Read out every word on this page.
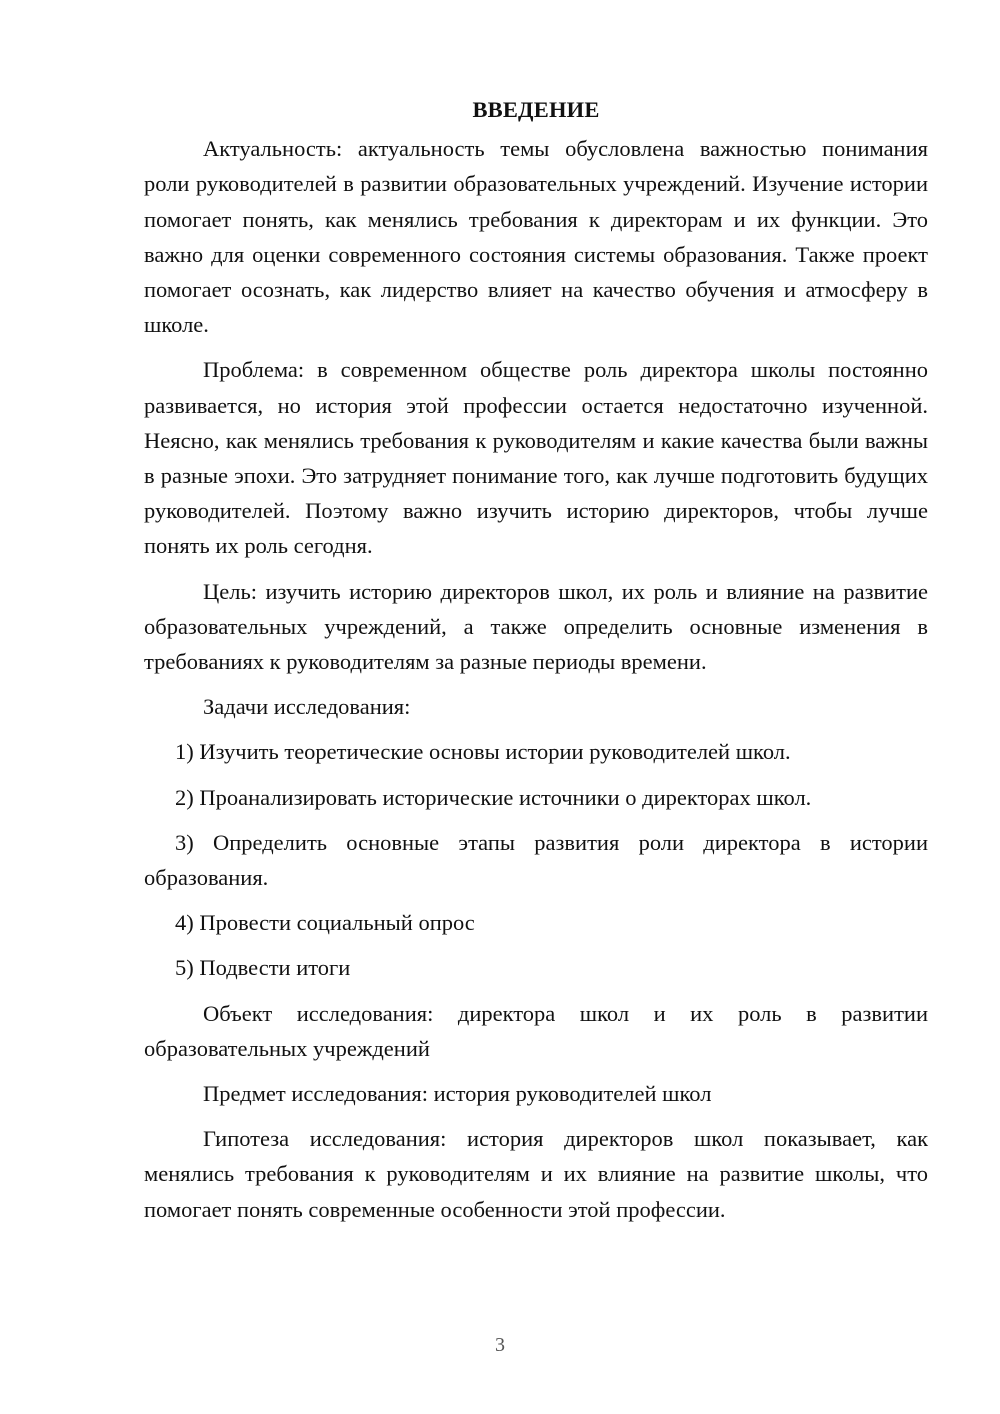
ВВЕДЕНИЕ

Актуальность: актуальность темы обусловлена важностью понимания роли руководителей в развитии образовательных учреждений. Изучение истории помогает понять, как менялись требования к директорам и их функции. Это важно для оценки современного состояния системы образования. Также проект помогает осознать, как лидерство влияет на качество обучения и атмосферу в школе.

Проблема: в современном обществе роль директора школы постоянно развивается, но история этой профессии остается недостаточно изученной. Неясно, как менялись требования к руководителям и какие качества были важны в разные эпохи. Это затрудняет понимание того, как лучше подготовить будущих руководителей. Поэтому важно изучить историю директоров, чтобы лучше понять их роль сегодня.

Цель: изучить историю директоров школ, их роль и влияние на развитие образовательных учреждений, а также определить основные изменения в требованиях к руководителям за разные периоды времени.

Задачи исследования:

1) Изучить теоретические основы истории руководителей школ.

2) Проанализировать исторические источники о директорах школ.

3) Определить основные этапы развития роли директора в истории образования.

4) Провести социальный опрос

5) Подвести итоги

Объект исследования: директора школ и их роль в развитии образовательных учреждений

Предмет исследования: история руководителей школ

Гипотеза исследования: история директоров школ показывает, как менялись требования к руководителям и их влияние на развитие школы, что помогает понять современные особенности этой профессии.

3
